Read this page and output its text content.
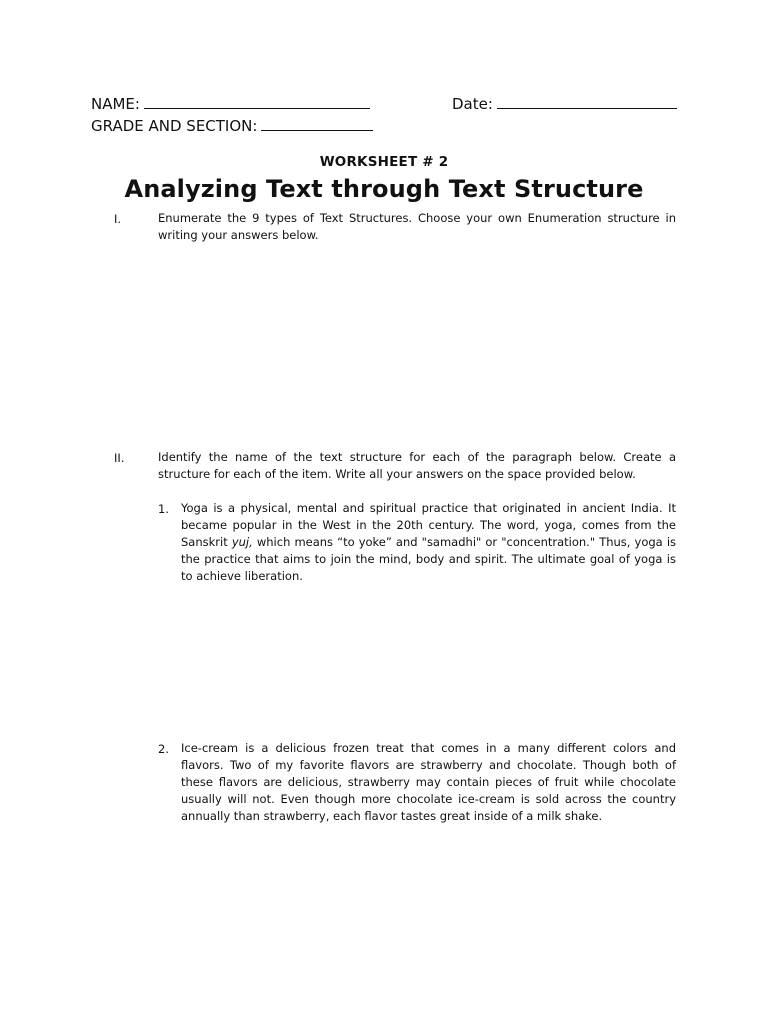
NAME:	Date:
GRADE AND SECTION:
WORKSHEET # 2
Analyzing Text through Text Structure
I.	Enumerate the 9 types of Text Structures. Choose your own Enumeration structure in writing your answers below.
II.	Identify the name of the text structure for each of the paragraph below. Create a structure for each of the item. Write all your answers on the space provided below.
1. Yoga is a physical, mental and spiritual practice that originated in ancient India. It became popular in the West in the 20th century. The word, yoga, comes from the Sanskrit yuj, which means “to yoke” and "samadhi" or "concentration." Thus, yoga is the practice that aims to join the mind, body and spirit. The ultimate goal of yoga is to achieve liberation.
2. Ice-cream is a delicious frozen treat that comes in a many different colors and flavors. Two of my favorite flavors are strawberry and chocolate. Though both of these flavors are delicious, strawberry may contain pieces of fruit while chocolate usually will not. Even though more chocolate ice-cream is sold across the country annually than strawberry, each flavor tastes great inside of a milk shake.
